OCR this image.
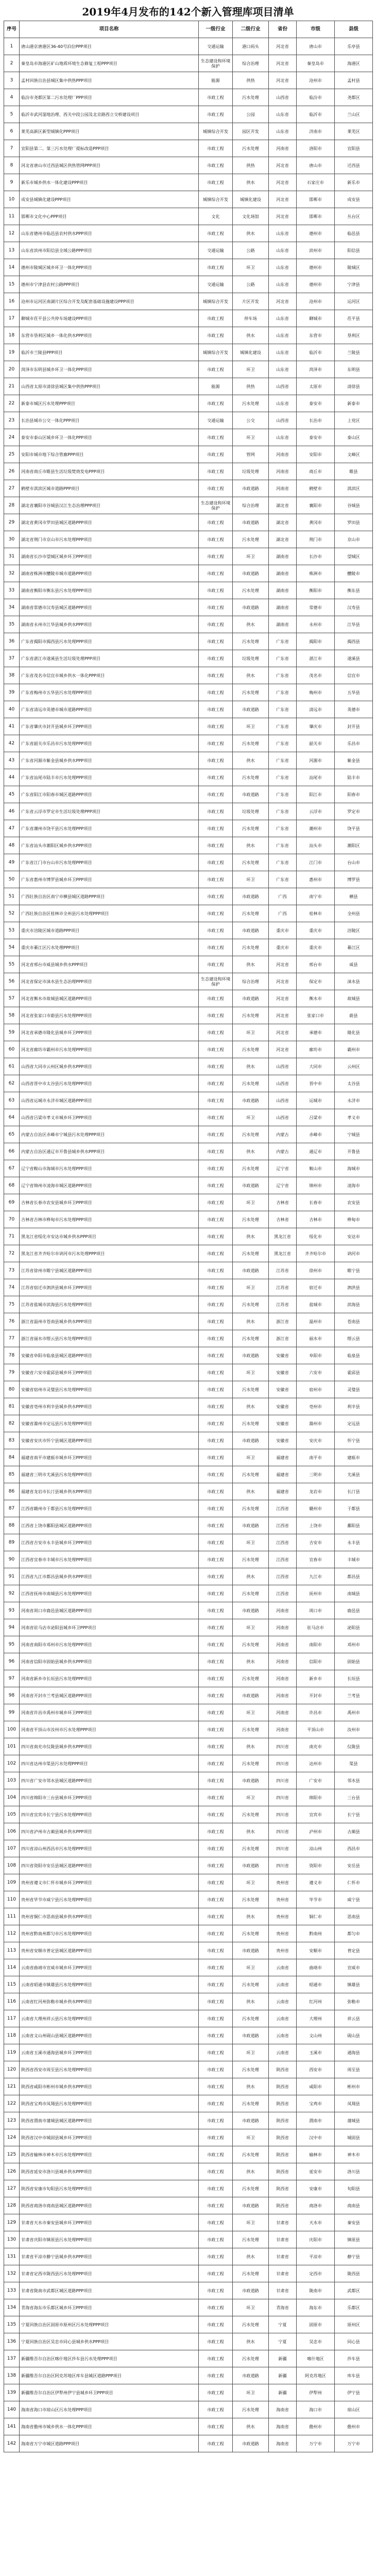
2019年4月发布的142个新入管理库项目清单
序号	项目名称	一级行业	二级行业	省份	市级	县级
1	唐山港京唐港区36-40号泊位PPP项目	交通运输	港口码头	河北省	唐山市	乐亭县
2	秦皇岛市海港区矿山地质环境生态修复工程PPP项目	生态建设和环境保护	综合治理	河北省	秦皇岛市	海港区
3	孟村回族自治县城区集中供热PPP项目	能源	供热	河北省	沧州市	孟村县
4	临汾市尧都区第二污水处理厂PPP项目	市政工程	污水处理	山西省	临汾市	尧都区
5	临沂市武河湿地治理、西关中段公园及北京路西立交桥建设项目	市政工程	公园	山东省	临沂市	兰山区
6	莱芜高新区新型城镇化PPP项目	城镇综合开发	园区开发	山东省	济南市	莱芜区
7	宜阳县第二、第三污水处理厂提标改造PPP项目	市政工程	污水处理	河南省	洛阳市	宜阳县
8	河北省唐山市迁西县城区供热管网PPP项目	市政工程	供热	河北省	唐山市	迁西县
9	新乐市城乡供水一体化建设PPP项目	市政工程	供水	河北省	石家庄市	新乐市
10	成安县城镇化建设PPP项目	城镇综合开发	城镇化建设	河北省	邯郸市	成安县
11	邯郸市文化中心PPP项目	文化	文化场馆	河北省	邯郸市	丛台区
12	山东省德州市临邑县农村供水PPP项目	市政工程	供水	山东省	德州市	临邑县
13	山东省滨州市阳信县全域公路PPP项目	交通运输	公路	山东省	滨州市	阳信县
14	德州市陵城区城乡环卫一体化PPP项目	市政工程	环卫	山东省	德州市	陵城区
15	德州市宁津县农村公路PPP项目	交通运输	公路	山东省	德州市	宁津县
16	沧州市运河区南湖片区综合开发及配套基础设施建设PPP项目	城镇综合开发	片区开发	河北省	沧州市	运河区
17	聊城市茌平县公共停车场建设PPP项目	市政工程	停车场	山东省	聊城市	茌平县
18	东营市垦利区城乡一体化供水PPP项目	市政工程	供水	山东省	东营市	垦利区
19	临沂市兰陵县PPP项目	城镇综合开发	城镇化建设	山东省	临沂市	兰陵县
20	菏泽市东明县城乡环卫一体化PPP项目	市政工程	环卫	山东省	菏泽市	东明县
21	山西省太原市清徐县城区集中供热PPP项目	能源	供热	山西省	太原市	清徐县
22	新泰市城区污水处理PPP项目	市政工程	污水处理	山东省	泰安市	新泰市
23	长治县城市公交一体化PPP项目	交通运输	公交	山西省	长治市	上党区
24	泰安市泰山区城乡环卫一体化PPP项目	市政工程	环卫	山东省	泰安市	泰山区
25	安阳市城市地下综合管廊PPP项目	市政工程	管网	河南省	安阳市	文峰区
26	河南省商丘市睢县生活垃圾焚烧发电PPP项目	市政工程	垃圾处理	河南省	商丘市	睢县
27	鹤壁市淇滨区城市道路PPP项目	市政工程	市政道路	河南省	鹤壁市	淇滨区
28	湖北省襄阳市谷城县汉江生态治理PPP项目	生态建设和环境保护	综合治理	湖北省	襄阳市	谷城县
29	湖北省黄冈市罗田县城区道路PPP项目	市政工程	市政道路	湖北省	黄冈市	罗田县
30	湖北省荆门市京山市污水处理PPP项目	市政工程	污水处理	湖北省	荆门市	京山市
31	湖南省长沙市望城区城乡环卫PPP项目	市政工程	环卫	湖南省	长沙市	望城区
32	湖南省株洲市醴陵市城市道路PPP项目	市政工程	市政道路	湖南省	株洲市	醴陵市
33	湖南省衡阳市衡东县污水处理PPP项目	市政工程	污水处理	湖南省	衡阳市	衡东县
34	湖南省常德市汉寿县城区道路PPP项目	市政工程	市政道路	湖南省	常德市	汉寿县
35	湖南省永州市江华县城乡供水PPP项目	市政工程	供水	湖南省	永州市	江华县
36	广东省揭阳市揭西县污水处理PPP项目	市政工程	污水处理	广东省	揭阳市	揭西县
37	广东省湛江市遂溪县生活垃圾处理PPP项目	市政工程	垃圾处理	广东省	湛江市	遂溪县
38	广东省茂名市信宜市城乡供水一体化PPP项目	市政工程	供水	广东省	茂名市	信宜市
39	广东省梅州市五华县污水处理PPP项目	市政工程	污水处理	广东省	梅州市	五华县
40	广东省清远市英德市城市道路PPP项目	市政工程	市政道路	广东省	清远市	英德市
41	广东省肇庆市封开县城乡环卫PPP项目	市政工程	环卫	广东省	肇庆市	封开县
42	广东省韶关市乐昌市污水处理PPP项目	市政工程	污水处理	广东省	韶关市	乐昌市
43	广东省河源市紫金县城乡供水PPP项目	市政工程	供水	广东省	河源市	紫金县
44	广东省汕尾市陆丰市污水处理PPP项目	市政工程	污水处理	广东省	汕尾市	陆丰市
45	广东省阳江市阳春市城区道路PPP项目	市政工程	市政道路	广东省	阳江市	阳春市
46	广东省云浮市罗定市生活垃圾处理PPP项目	市政工程	垃圾处理	广东省	云浮市	罗定市
47	广东省潮州市饶平县污水处理PPP项目	市政工程	污水处理	广东省	潮州市	饶平县
48	广东省汕头市潮阳区城乡供水PPP项目	市政工程	供水	广东省	汕头市	潮阳区
49	广东省江门市台山市污水处理PPP项目	市政工程	污水处理	广东省	江门市	台山市
50	广东省惠州市博罗县城乡环卫PPP项目	市政工程	环卫	广东省	惠州市	博罗县
51	广西壮族自治区南宁市横县城区道路PPP项目	市政工程	市政道路	广西	南宁市	横县
52	广西壮族自治区桂林市全州县污水处理PPP项目	市政工程	污水处理	广西	桂林市	全州县
53	重庆市涪陵区城市道路PPP项目	市政工程	市政道路	重庆市	重庆市	涪陵区
54	重庆市綦江区污水处理PPP项目	市政工程	污水处理	重庆市	重庆市	綦江区
55	河北省邢台市威县城乡供水PPP项目	市政工程	供水	河北省	邢台市	威县
56	河北省保定市涞水县生态治理PPP项目	生态建设和环境保护	综合治理	河北省	保定市	涞水县
57	河北省衡水市故城县城区道路PPP项目	市政工程	市政道路	河北省	衡水市	故城县
58	河北省张家口市蔚县污水处理PPP项目	市政工程	污水处理	河北省	张家口市	蔚县
59	河北省承德市隆化县城乡环卫PPP项目	市政工程	环卫	河北省	承德市	隆化县
60	河北省廊坊市霸州市污水处理PPP项目	市政工程	污水处理	河北省	廊坊市	霸州市
61	山西省大同市云州区城乡供水PPP项目	市政工程	供水	山西省	大同市	云州区
62	山西省晋中市太谷县污水处理PPP项目	市政工程	污水处理	山西省	晋中市	太谷县
63	山西省运城市永济市城区道路PPP项目	市政工程	市政道路	山西省	运城市	永济市
64	山西省吕梁市孝义市城乡环卫PPP项目	市政工程	环卫	山西省	吕梁市	孝义市
65	内蒙古自治区赤峰市宁城县污水处理PPP项目	市政工程	污水处理	内蒙古	赤峰市	宁城县
66	内蒙古自治区通辽市开鲁县城乡供水PPP项目	市政工程	供水	内蒙古	通辽市	开鲁县
67	辽宁省鞍山市海城市污水处理PPP项目	市政工程	污水处理	辽宁省	鞍山市	海城市
68	辽宁省锦州市凌海市城区道路PPP项目	市政工程	市政道路	辽宁省	锦州市	凌海市
69	吉林省长春市农安县城乡环卫PPP项目	市政工程	环卫	吉林省	长春市	农安县
70	吉林省吉林市桦甸市污水处理PPP项目	市政工程	污水处理	吉林省	吉林市	桦甸市
71	黑龙江省绥化市安达市城乡供水PPP项目	市政工程	供水	黑龙江省	绥化市	安达市
72	黑龙江省齐齐哈尔市讷河市污水处理PPP项目	市政工程	污水处理	黑龙江省	齐齐哈尔市	讷河市
73	江苏省徐州市睢宁县城区道路PPP项目	市政工程	市政道路	江苏省	徐州市	睢宁县
74	江苏省宿迁市泗洪县城乡环卫PPP项目	市政工程	环卫	江苏省	宿迁市	泗洪县
75	江苏省盐城市滨海县污水处理PPP项目	市政工程	污水处理	江苏省	盐城市	滨海县
76	浙江省温州市苍南县城乡供水PPP项目	市政工程	供水	浙江省	温州市	苍南县
77	浙江省丽水市缙云县污水处理PPP项目	市政工程	污水处理	浙江省	丽水市	缙云县
78	安徽省阜阳市临泉县城区道路PPP项目	市政工程	市政道路	安徽省	阜阳市	临泉县
79	安徽省六安市霍邱县城乡环卫PPP项目	市政工程	环卫	安徽省	六安市	霍邱县
80	安徽省宿州市灵璧县污水处理PPP项目	市政工程	污水处理	安徽省	宿州市	灵璧县
81	安徽省亳州市利辛县城乡供水PPP项目	市政工程	供水	安徽省	亳州市	利辛县
82	安徽省滁州市定远县污水处理PPP项目	市政工程	污水处理	安徽省	滁州市	定远县
83	安徽省安庆市怀宁县城区道路PPP项目	市政工程	市政道路	安徽省	安庆市	怀宁县
84	福建省南平市建瓯市城乡环卫PPP项目	市政工程	环卫	福建省	南平市	建瓯市
85	福建省三明市尤溪县污水处理PPP项目	市政工程	污水处理	福建省	三明市	尤溪县
86	福建省龙岩市长汀县城乡供水PPP项目	市政工程	供水	福建省	龙岩市	长汀县
87	江西省赣州市于都县污水处理PPP项目	市政工程	污水处理	江西省	赣州市	于都县
88	江西省上饶市鄱阳县城区道路PPP项目	市政工程	市政道路	江西省	上饶市	鄱阳县
89	江西省吉安市永丰县城乡环卫PPP项目	市政工程	环卫	江西省	吉安市	永丰县
90	江西省宜春市丰城市污水处理PPP项目	市政工程	污水处理	江西省	宜春市	丰城市
91	江西省九江市都昌县城乡供水PPP项目	市政工程	供水	江西省	九江市	都昌县
92	江西省抚州市南城县污水处理PPP项目	市政工程	污水处理	江西省	抚州市	南城县
93	河南省周口市鹿邑县城区道路PPP项目	市政工程	市政道路	河南省	周口市	鹿邑县
94	河南省驻马店市泌阳县城乡环卫PPP项目	市政工程	环卫	河南省	驻马店市	泌阳县
95	河南省南阳市邓州市污水处理PPP项目	市政工程	污水处理	河南省	南阳市	邓州市
96	河南省信阳市固始县城乡供水PPP项目	市政工程	供水	河南省	信阳市	固始县
97	河南省新乡市长垣县污水处理PPP项目	市政工程	污水处理	河南省	新乡市	长垣县
98	河南省开封市兰考县城区道路PPP项目	市政工程	市政道路	河南省	开封市	兰考县
99	河南省许昌市禹州市城乡环卫PPP项目	市政工程	环卫	河南省	许昌市	禹州市
100	河南省平顶山市汝州市污水处理PPP项目	市政工程	污水处理	河南省	平顶山市	汝州市
101	四川省南充市仪陇县城乡供水PPP项目	市政工程	供水	四川省	南充市	仪陇县
102	四川省达州市渠县污水处理PPP项目	市政工程	污水处理	四川省	达州市	渠县
103	四川省广安市邻水县城区道路PPP项目	市政工程	市政道路	四川省	广安市	邻水县
104	四川省绵阳市三台县城乡环卫PPP项目	市政工程	环卫	四川省	绵阳市	三台县
105	四川省宜宾市长宁县污水处理PPP项目	市政工程	污水处理	四川省	宜宾市	长宁县
106	四川省泸州市古蔺县城乡供水PPP项目	市政工程	供水	四川省	泸州市	古蔺县
107	四川省凉山州西昌市污水处理PPP项目	市政工程	污水处理	四川省	凉山州	西昌市
108	四川省资阳市安岳县城区道路PPP项目	市政工程	市政道路	四川省	资阳市	安岳县
109	贵州省遵义市仁怀市城乡环卫PPP项目	市政工程	环卫	贵州省	遵义市	仁怀市
110	贵州省毕节市威宁县污水处理PPP项目	市政工程	污水处理	贵州省	毕节市	威宁县
111	贵州省铜仁市思南县城乡供水PPP项目	市政工程	供水	贵州省	铜仁市	思南县
112	贵州省黔南州都匀市污水处理PPP项目	市政工程	污水处理	贵州省	黔南州	都匀市
113	贵州省安顺市普定县城区道路PPP项目	市政工程	市政道路	贵州省	安顺市	普定县
114	云南省曲靖市宣威市城乡环卫PPP项目	市政工程	环卫	云南省	曲靖市	宣威市
115	云南省昭通市镇雄县污水处理PPP项目	市政工程	污水处理	云南省	昭通市	镇雄县
116	云南省红河州弥勒市城乡供水PPP项目	市政工程	供水	云南省	红河州	弥勒市
117	云南省大理州祥云县污水处理PPP项目	市政工程	污水处理	云南省	大理州	祥云县
118	云南省文山州砚山县城区道路PPP项目	市政工程	市政道路	云南省	文山州	砚山县
119	云南省玉溪市通海县城乡环卫PPP项目	市政工程	环卫	云南省	玉溪市	通海县
120	陕西省西安市周至县污水处理PPP项目	市政工程	污水处理	陕西省	西安市	周至县
121	陕西省咸阳市彬州市城乡供水PPP项目	市政工程	供水	陕西省	咸阳市	彬州市
122	陕西省宝鸡市凤翔县污水处理PPP项目	市政工程	污水处理	陕西省	宝鸡市	凤翔县
123	陕西省渭南市蒲城县城区道路PPP项目	市政工程	市政道路	陕西省	渭南市	蒲城县
124	陕西省汉中市城固县城乡环卫PPP项目	市政工程	环卫	陕西省	汉中市	城固县
125	陕西省榆林市神木市污水处理PPP项目	市政工程	污水处理	陕西省	榆林市	神木市
126	陕西省延安市洛川县城乡供水PPP项目	市政工程	供水	陕西省	延安市	洛川县
127	陕西省安康市旬阳县污水处理PPP项目	市政工程	污水处理	陕西省	安康市	旬阳县
128	陕西省商洛市商南县城区道路PPP项目	市政工程	市政道路	陕西省	商洛市	商南县
129	甘肃省天水市秦安县城乡环卫PPP项目	市政工程	环卫	甘肃省	天水市	秦安县
130	甘肃省庆阳市镇原县污水处理PPP项目	市政工程	污水处理	甘肃省	庆阳市	镇原县
131	甘肃省平凉市静宁县城乡供水PPP项目	市政工程	供水	甘肃省	平凉市	静宁县
132	甘肃省定西市陇西县污水处理PPP项目	市政工程	污水处理	甘肃省	定西市	陇西县
133	甘肃省陇南市武都区城区道路PPP项目	市政工程	市政道路	甘肃省	陇南市	武都区
134	青海省海东市乐都区城乡环卫PPP项目	市政工程	环卫	青海省	海东市	乐都区
135	宁夏回族自治区固原市原州区污水处理PPP项目	市政工程	污水处理	宁夏	固原市	原州区
136	宁夏回族自治区吴忠市同心县城乡供水PPP项目	市政工程	供水	宁夏	吴忠市	同心县
137	新疆维吾尔自治区喀什地区莎车县污水处理PPP项目	市政工程	污水处理	新疆	喀什地区	莎车县
138	新疆维吾尔自治区阿克苏地区库车县城区道路PPP项目	市政工程	市政道路	新疆	阿克苏地区	库车县
139	新疆维吾尔自治区伊犁州伊宁县城乡环卫PPP项目	市政工程	环卫	新疆	伊犁州	伊宁县
140	海南省海口市琼山区污水处理PPP项目	市政工程	污水处理	海南省	海口市	琼山区
141	海南省儋州市城乡供水一体化PPP项目	市政工程	供水	海南省	儋州市	儋州市
142	海南省万宁市城区道路PPP项目	市政工程	市政道路	海南省	万宁市	万宁市
